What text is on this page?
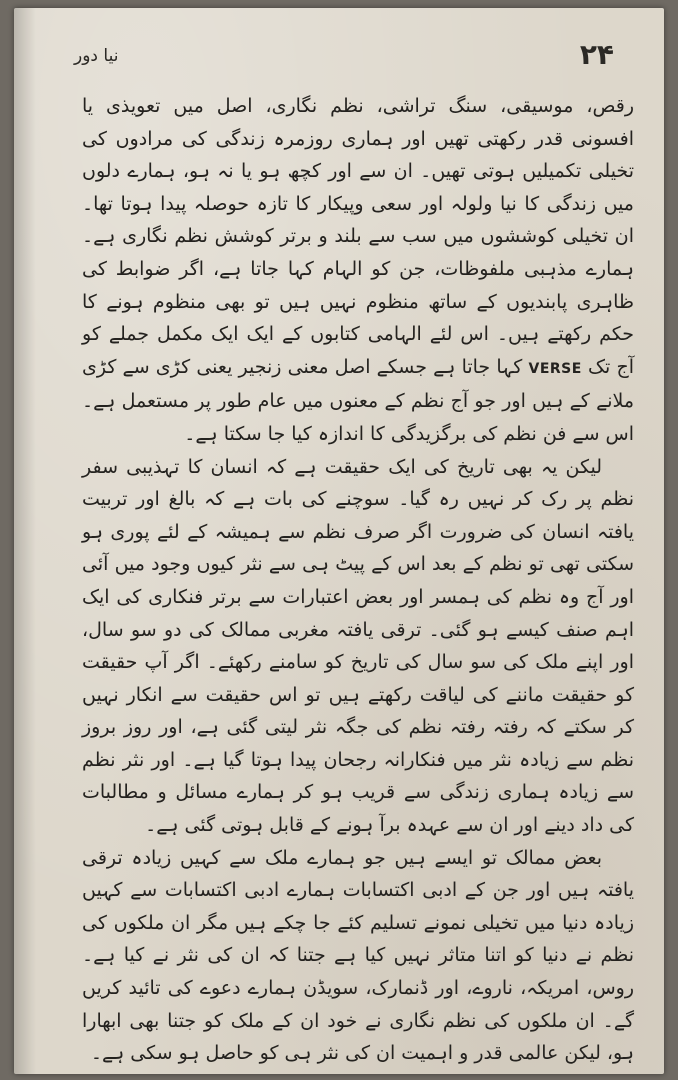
۲۴
نیا دور

رقص، موسیقی، سنگ تراشی، نظم نگاری، اصل میں تعویذی یا افسونی قدر رکھتی تھیں اور ہماری روزمرہ زندگی کی مرادوں کی تخیلی تکمیلیں ہوتی تھیں۔ ان سے اور کچھ ہو یا نہ ہو، ہمارے دلوں میں زندگی کا نیا ولولہ اور سعی وپیکار کا تازہ حوصلہ پیدا ہوتا تھا۔ ان تخیلی کوششوں میں سب سے بلند و برتر کوشش نظم نگاری ہے۔ ہمارے مذہبی ملفوظات، جن کو الہام کہا جاتا ہے، اگر ضوابط کی ظاہری پابندیوں کے ساتھ منظوم نہیں ہیں تو بھی منظوم ہونے کا حکم رکھتے ہیں۔ اس لئے الہامی کتابوں کے ایک ایک مکمل جملے کو آج تک VERSE کہا جاتا ہے جسکے اصل معنی زنجیر یعنی کڑی سے کڑی ملانے کے ہیں اور جو آج نظم کے معنوں میں عام طور پر مستعمل ہے۔ اس سے فن نظم کی برگزیدگی کا اندازہ کیا جا سکتا ہے۔

لیکن یہ بھی تاریخ کی ایک حقیقت ہے کہ انسان کا تہذیبی سفر نظم پر رک کر نہیں رہ گیا۔ سوچنے کی بات ہے کہ بالغ اور تربیت یافتہ انسان کی ضرورت اگر صرف نظم سے ہمیشہ کے لئے پوری ہو سکتی تھی تو نظم کے بعد اس کے پیٹ ہی سے نثر کیوں وجود میں آئی اور آج وہ نظم کی ہمسر اور بعض اعتبارات سے برتر فنکاری کی ایک اہم صنف کیسے ہو گئی۔ ترقی یافتہ مغربی ممالک کی دو سو سال، اور اپنے ملک کی سو سال کی تاریخ کو سامنے رکھئے۔ اگر آپ حقیقت کو حقیقت ماننے کی لیاقت رکھتے ہیں تو اس حقیقت سے انکار نہیں کر سکتے کہ رفتہ رفتہ نظم کی جگہ نثر لیتی گئی ہے، اور روز بروز نظم سے زیادہ نثر میں فنکارانہ رجحان پیدا ہوتا گیا ہے۔ اور نثر نظم سے زیادہ ہماری زندگی سے قریب ہو کر ہمارے مسائل و مطالبات کی داد دینے اور ان سے عہدہ برآ ہونے کے قابل ہوتی گئی ہے۔

بعض ممالک تو ایسے ہیں جو ہمارے ملک سے کہیں زیادہ ترقی یافتہ ہیں اور جن کے ادبی اکتسابات ہمارے ادبی اکتسابات سے کہیں زیادہ دنیا میں تخیلی نمونے تسلیم کئے جا چکے ہیں مگر ان ملکوں کی نظم نے دنیا کو اتنا متاثر نہیں کیا ہے جتنا کہ ان کی نثر نے کیا ہے۔ روس، امریکہ، ناروے، اور ڈنمارک، سویڈن ہمارے دعوے کی تائید کریں گے۔ ان ملکوں کی نظم نگاری نے خود ان کے ملک کو جتنا بھی ابھارا ہو، لیکن عالمی قدر و اہمیت ان کی نثر ہی کو حاصل ہو سکی ہے۔
